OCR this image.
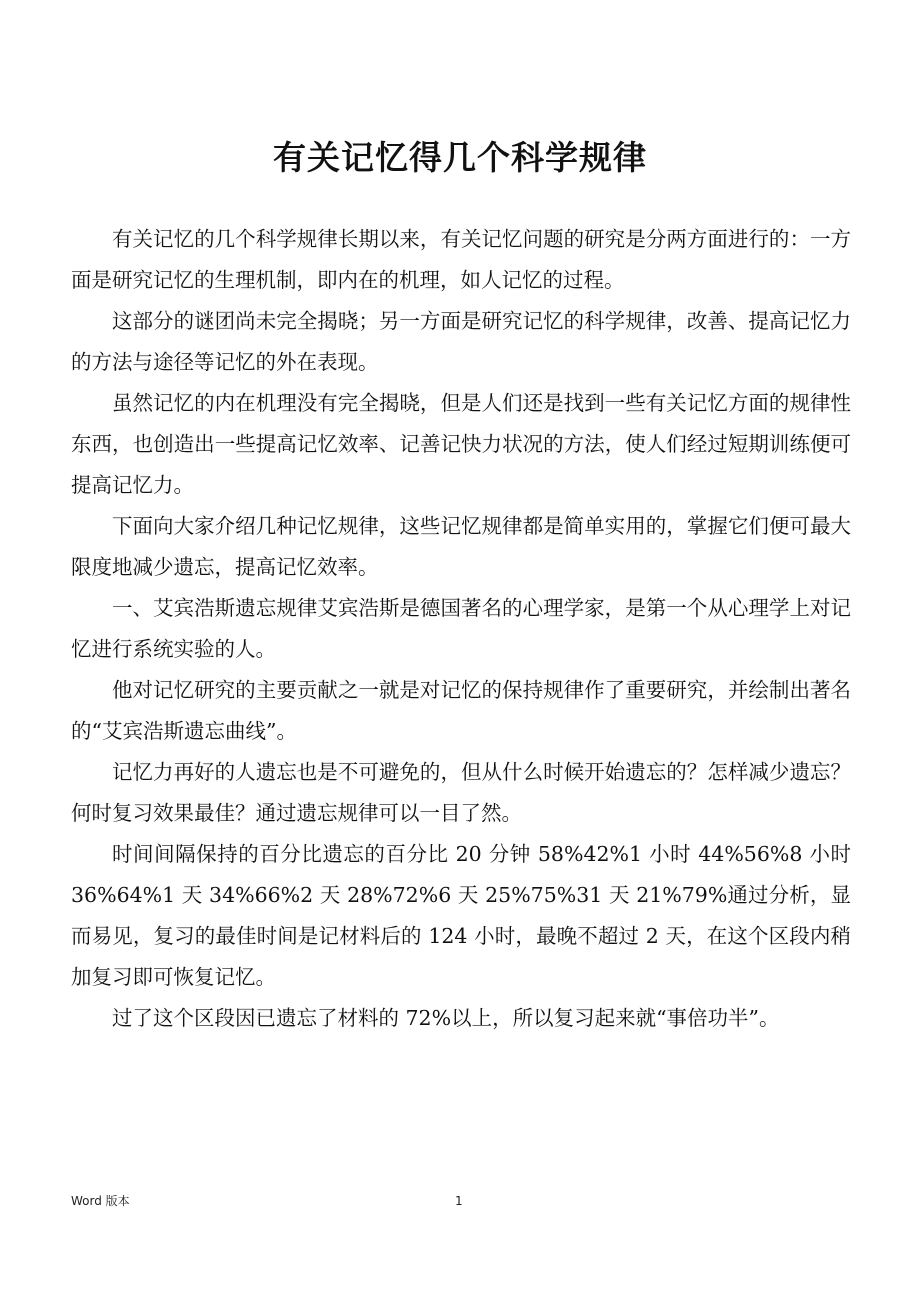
有关记忆得几个科学规律

有关记忆的几个科学规律长期以来，有关记忆问题的研究是分两方面进行的：一方面是研究记忆的生理机制，即内在的机理，如人记忆的过程。

这部分的谜团尚未完全揭晓；另一方面是研究记忆的科学规律，改善、提高记忆力的方法与途径等记忆的外在表现。

虽然记忆的内在机理没有完全揭晓，但是人们还是找到一些有关记忆方面的规律性东西，也创造出一些提高记忆效率、记善记快力状况的方法，使人们经过短期训练便可提高记忆力。

下面向大家介绍几种记忆规律，这些记忆规律都是简单实用的，掌握它们便可最大限度地减少遗忘，提高记忆效率。

一、艾宾浩斯遗忘规律艾宾浩斯是德国著名的心理学家，是第一个从心理学上对记忆进行系统实验的人。

他对记忆研究的主要贡献之一就是对记忆的保持规律作了重要研究，并绘制出著名的“艾宾浩斯遗忘曲线”。

记忆力再好的人遗忘也是不可避免的，但从什么时候开始遗忘的？怎样减少遗忘？何时复习效果最佳？通过遗忘规律可以一目了然。

时间间隔保持的百分比遗忘的百分比 20 分钟 58%42%1 小时 44%56%8 小时 36%64%1 天 34%66%2 天 28%72%6 天 25%75%31 天 21%79%通过分析，显而易见，复习的最佳时间是记材料后的 124 小时，最晚不超过 2 天，在这个区段内稍加复习即可恢复记忆。

过了这个区段因已遗忘了材料的 72%以上，所以复习起来就“事倍功半”。

Word 版本	1
